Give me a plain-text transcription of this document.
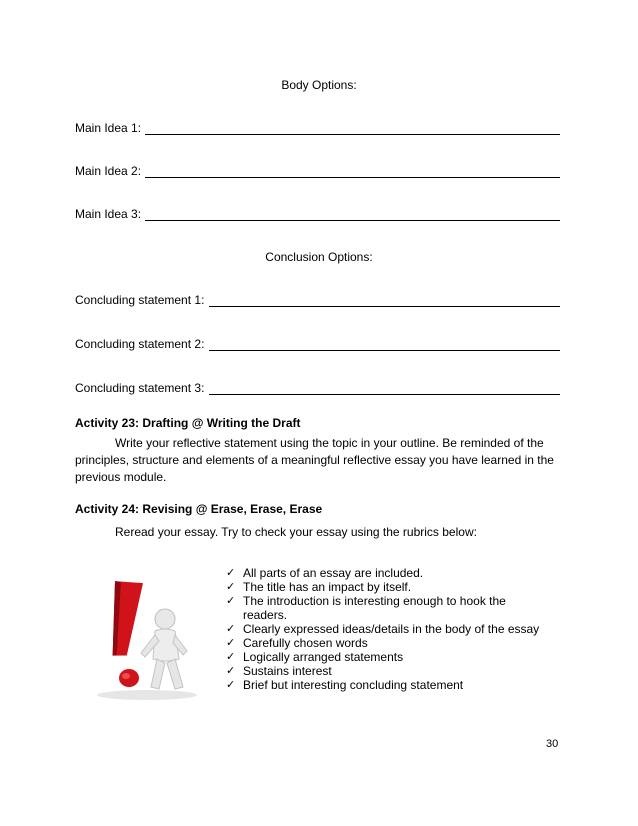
Body Options:
Main Idea 1:
Main Idea 2:
Main Idea 3:
Conclusion Options:
Concluding statement 1:
Concluding statement 2:
Concluding statement 3:
Activity 23: Drafting @ Writing the Draft
Write your reflective statement using the topic in your outline. Be reminded of the principles, structure and elements of a meaningful reflective essay you have learned in the previous module.
Activity 24: Revising @ Erase, Erase, Erase
Reread your essay. Try to check your essay using the rubrics below:
✓ All parts of an essay are included.
✓ The title has an impact by itself.
✓ The introduction is interesting enough to hook the readers.
✓ Clearly expressed ideas/details in the body of the essay
✓ Carefully chosen words
✓ Logically arranged statements
✓ Sustains interest
✓ Brief but interesting concluding statement
30
